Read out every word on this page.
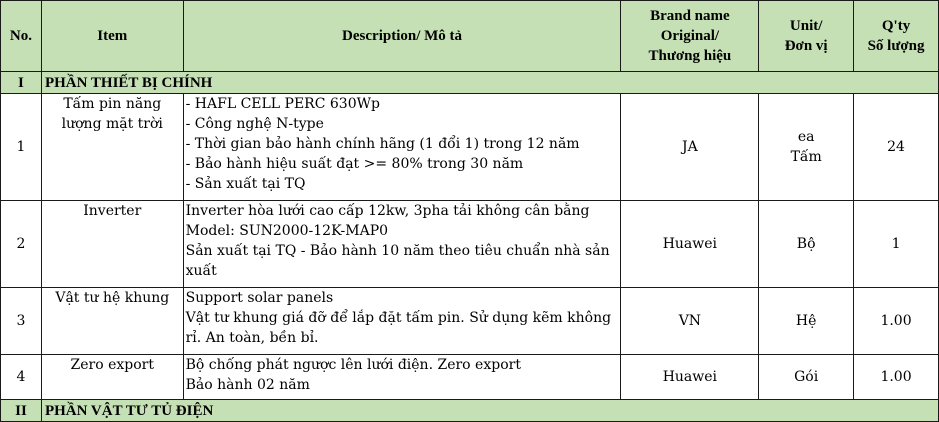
No.	Item	Description/ Mô tả	Brand name
Original/
Thương hiệu	Unit/
Đơn vị	Q'ty
Số lượng

I	PHẦN THIẾT BỊ CHÍNH				
1	Tấm pin năng lượng mặt trời	- HAFL CELL PERC 630Wp
- Công nghệ N-type
- Thời gian bảo hành chính hãng (1 đổi 1) trong 12 năm
- Bảo hành hiệu suất đạt >= 80% trong 30 năm
- Sản xuất tại TQ	JA	ea
Tấm	24
2	Inverter	Inverter hòa lưới cao cấp 12kw, 3pha tải không cân bằng
Model: SUN2000-12K-MAP0
Sản xuất tại TQ - Bảo hành 10 năm theo tiêu chuẩn nhà sản xuất	Huawei	Bộ	1
3	Vật tư hệ khung	Support solar panels
Vật tư khung giá đỡ để lắp đặt tấm pin. Sử dụng kẽm không rỉ. An toàn, bền bỉ.	VN	Hệ	1.00
4	Zero export	Bộ chống phát ngược lên lưới điện. Zero export
Bảo hành 02 năm	Huawei	Gói	1.00
II	PHẦN VẬT TƯ TỦ ĐIỆN				
